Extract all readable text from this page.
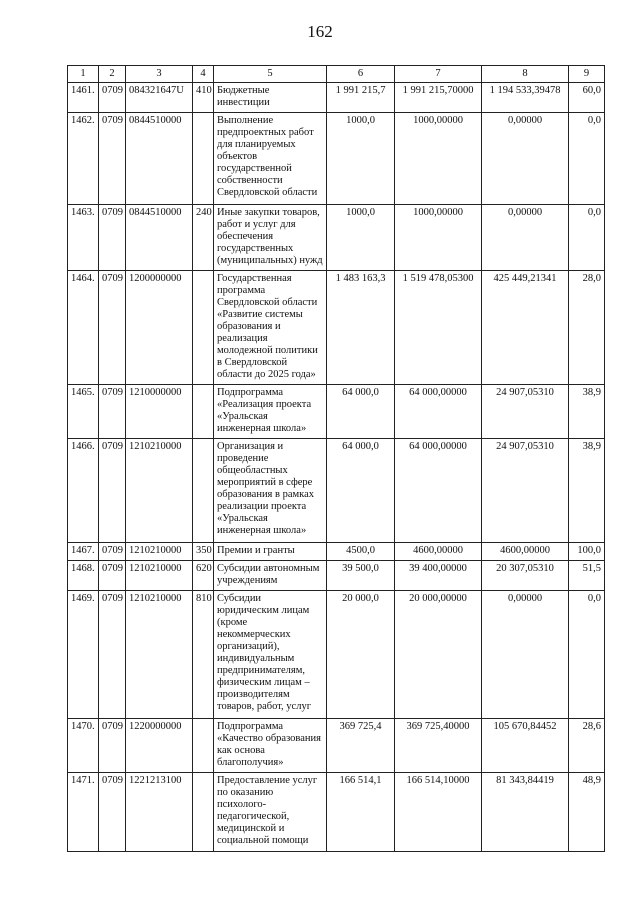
162
1	2	3	4	5	6	7	8	9
1461.	0709	084321647U	410	Бюджетные инвестиции	1 991 215,7	1 991 215,70000	1 194 533,39478	60,0
1462.	0709	0844510000		Выполнение предпроектных работ для планируемых объектов государственной собственности Свердловской области	1000,0	1000,00000	0,00000	0,0
1463.	0709	0844510000	240	Иные закупки товаров, работ и услуг для обеспечения государственных (муниципальных) нужд	1000,0	1000,00000	0,00000	0,0
1464.	0709	1200000000		Государственная программа Свердловской области «Развитие системы образования и реализация молодежной политики в Свердловской области до 2025 года»	1 483 163,3	1 519 478,05300	425 449,21341	28,0
1465.	0709	1210000000		Подпрограмма «Реализация проекта «Уральская инженерная школа»	64 000,0	64 000,00000	24 907,05310	38,9
1466.	0709	1210210000		Организация и проведение общеобластных мероприятий в сфере образования в рамках реализации проекта «Уральская инженерная школа»	64 000,0	64 000,00000	24 907,05310	38,9
1467.	0709	1210210000	350	Премии и гранты	4500,0	4600,00000	4600,00000	100,0
1468.	0709	1210210000	620	Субсидии автономным учреждениям	39 500,0	39 400,00000	20 307,05310	51,5
1469.	0709	1210210000	810	Субсидии юридическим лицам (кроме некоммерческих организаций), индивидуальным предпринимателям, физическим лицам – производителям товаров, работ, услуг	20 000,0	20 000,00000	0,00000	0,0
1470.	0709	1220000000		Подпрограмма «Качество образования как основа благополучия»	369 725,4	369 725,40000	105 670,84452	28,6
1471.	0709	1221213100		Предоставление услуг по оказанию психолого-педагогической, медицинской и социальной помощи	166 514,1	166 514,10000	81 343,84419	48,9
